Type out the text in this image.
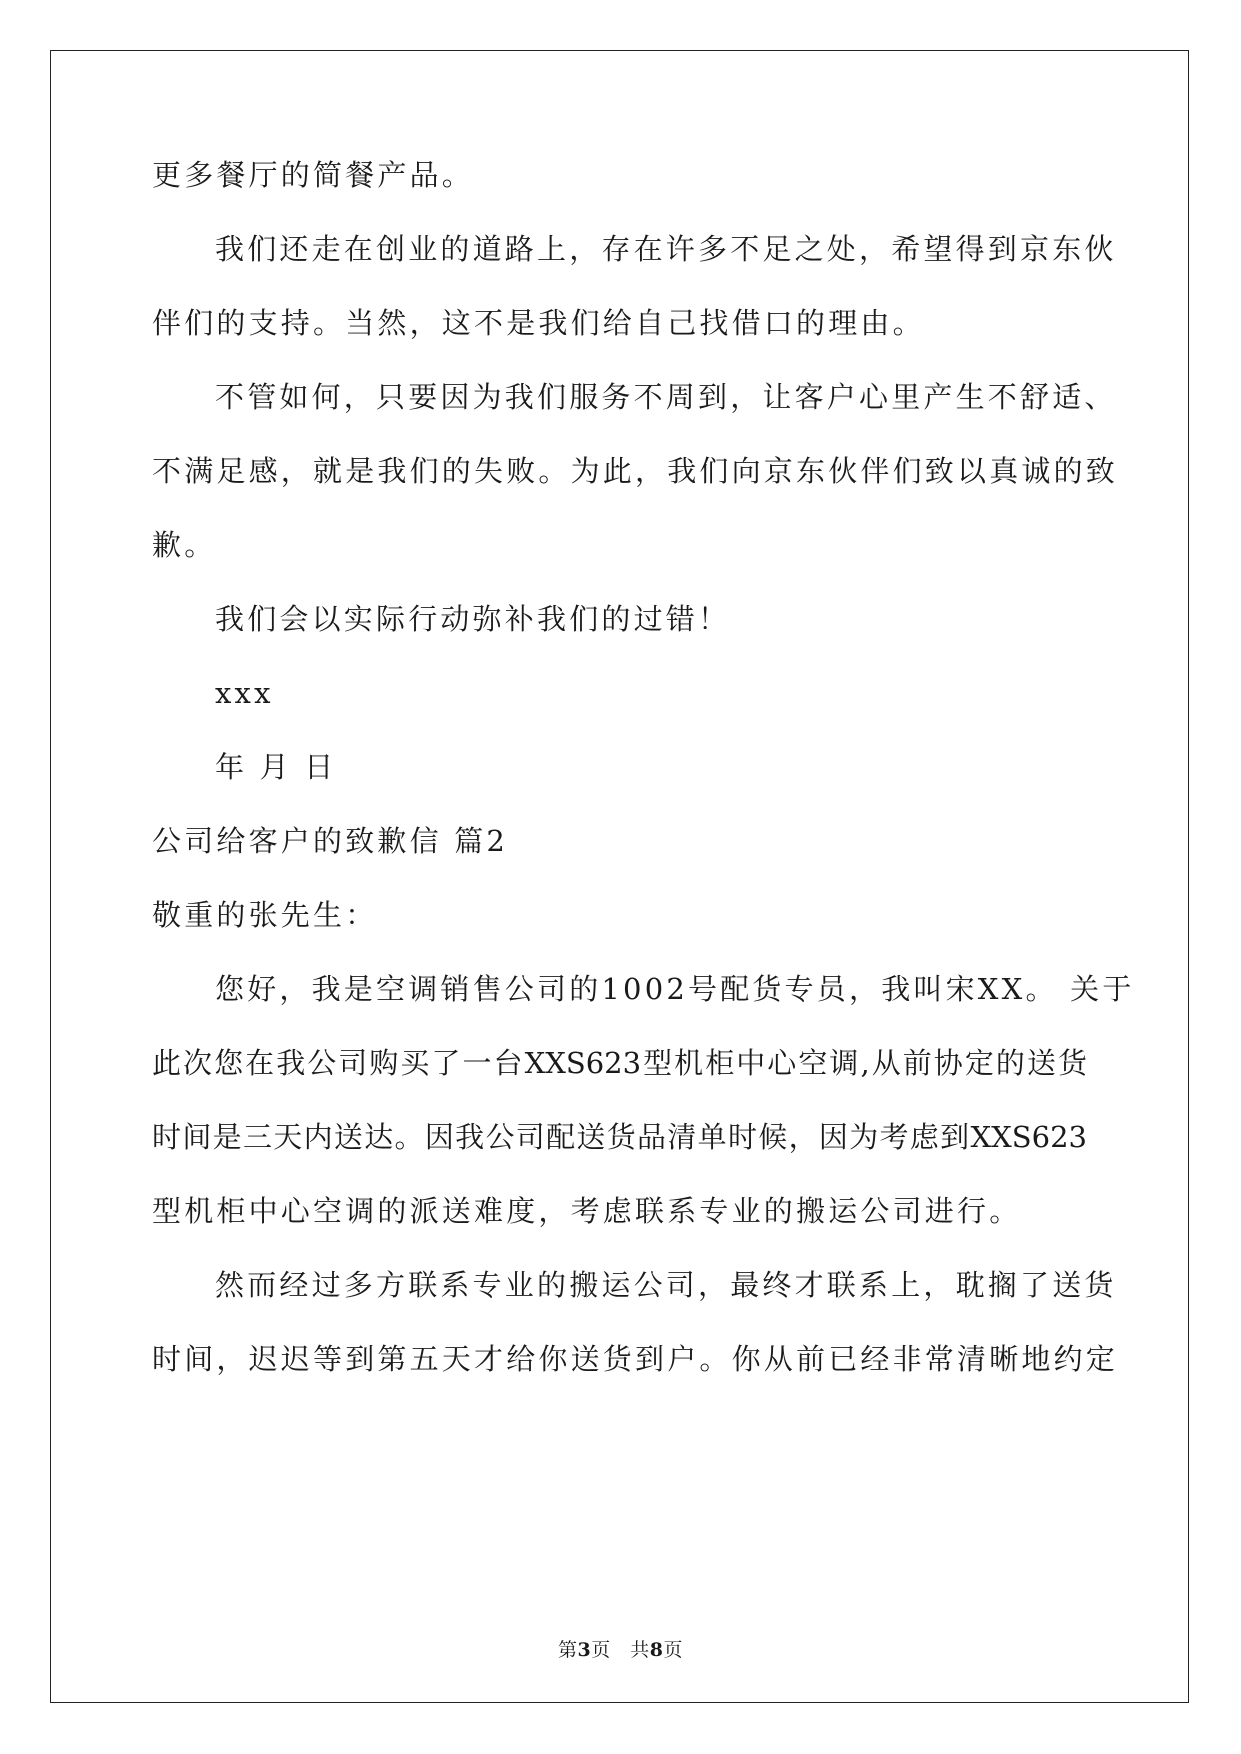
更多餐厅的简餐产品。
我们还走在创业的道路上，存在许多不足之处，希望得到京东伙
伴们的支持。当然，这不是我们给自己找借口的理由。
不管如何，只要因为我们服务不周到，让客户心里产生不舒适、
不满足感，就是我们的失败。为此，我们向京东伙伴们致以真诚的致
歉。
我们会以实际行动弥补我们的过错！
xxx
年 月 日
公司给客户的致歉信 篇2
敬重的张先生：
您好，我是空调销售公司的1002号配货专员，我叫宋XX。 关于
此次您在我公司购买了一台XXS623型机柜中心空调,从前协定的送货
时间是三天内送达。因我公司配送货品清单时候，因为考虑到XXS623
型机柜中心空调的派送难度，考虑联系专业的搬运公司进行。
然而经过多方联系专业的搬运公司，最终才联系上，耽搁了送货
时间，迟迟等到第五天才给你送货到户。你从前已经非常清晰地约定
第3页　共8页
